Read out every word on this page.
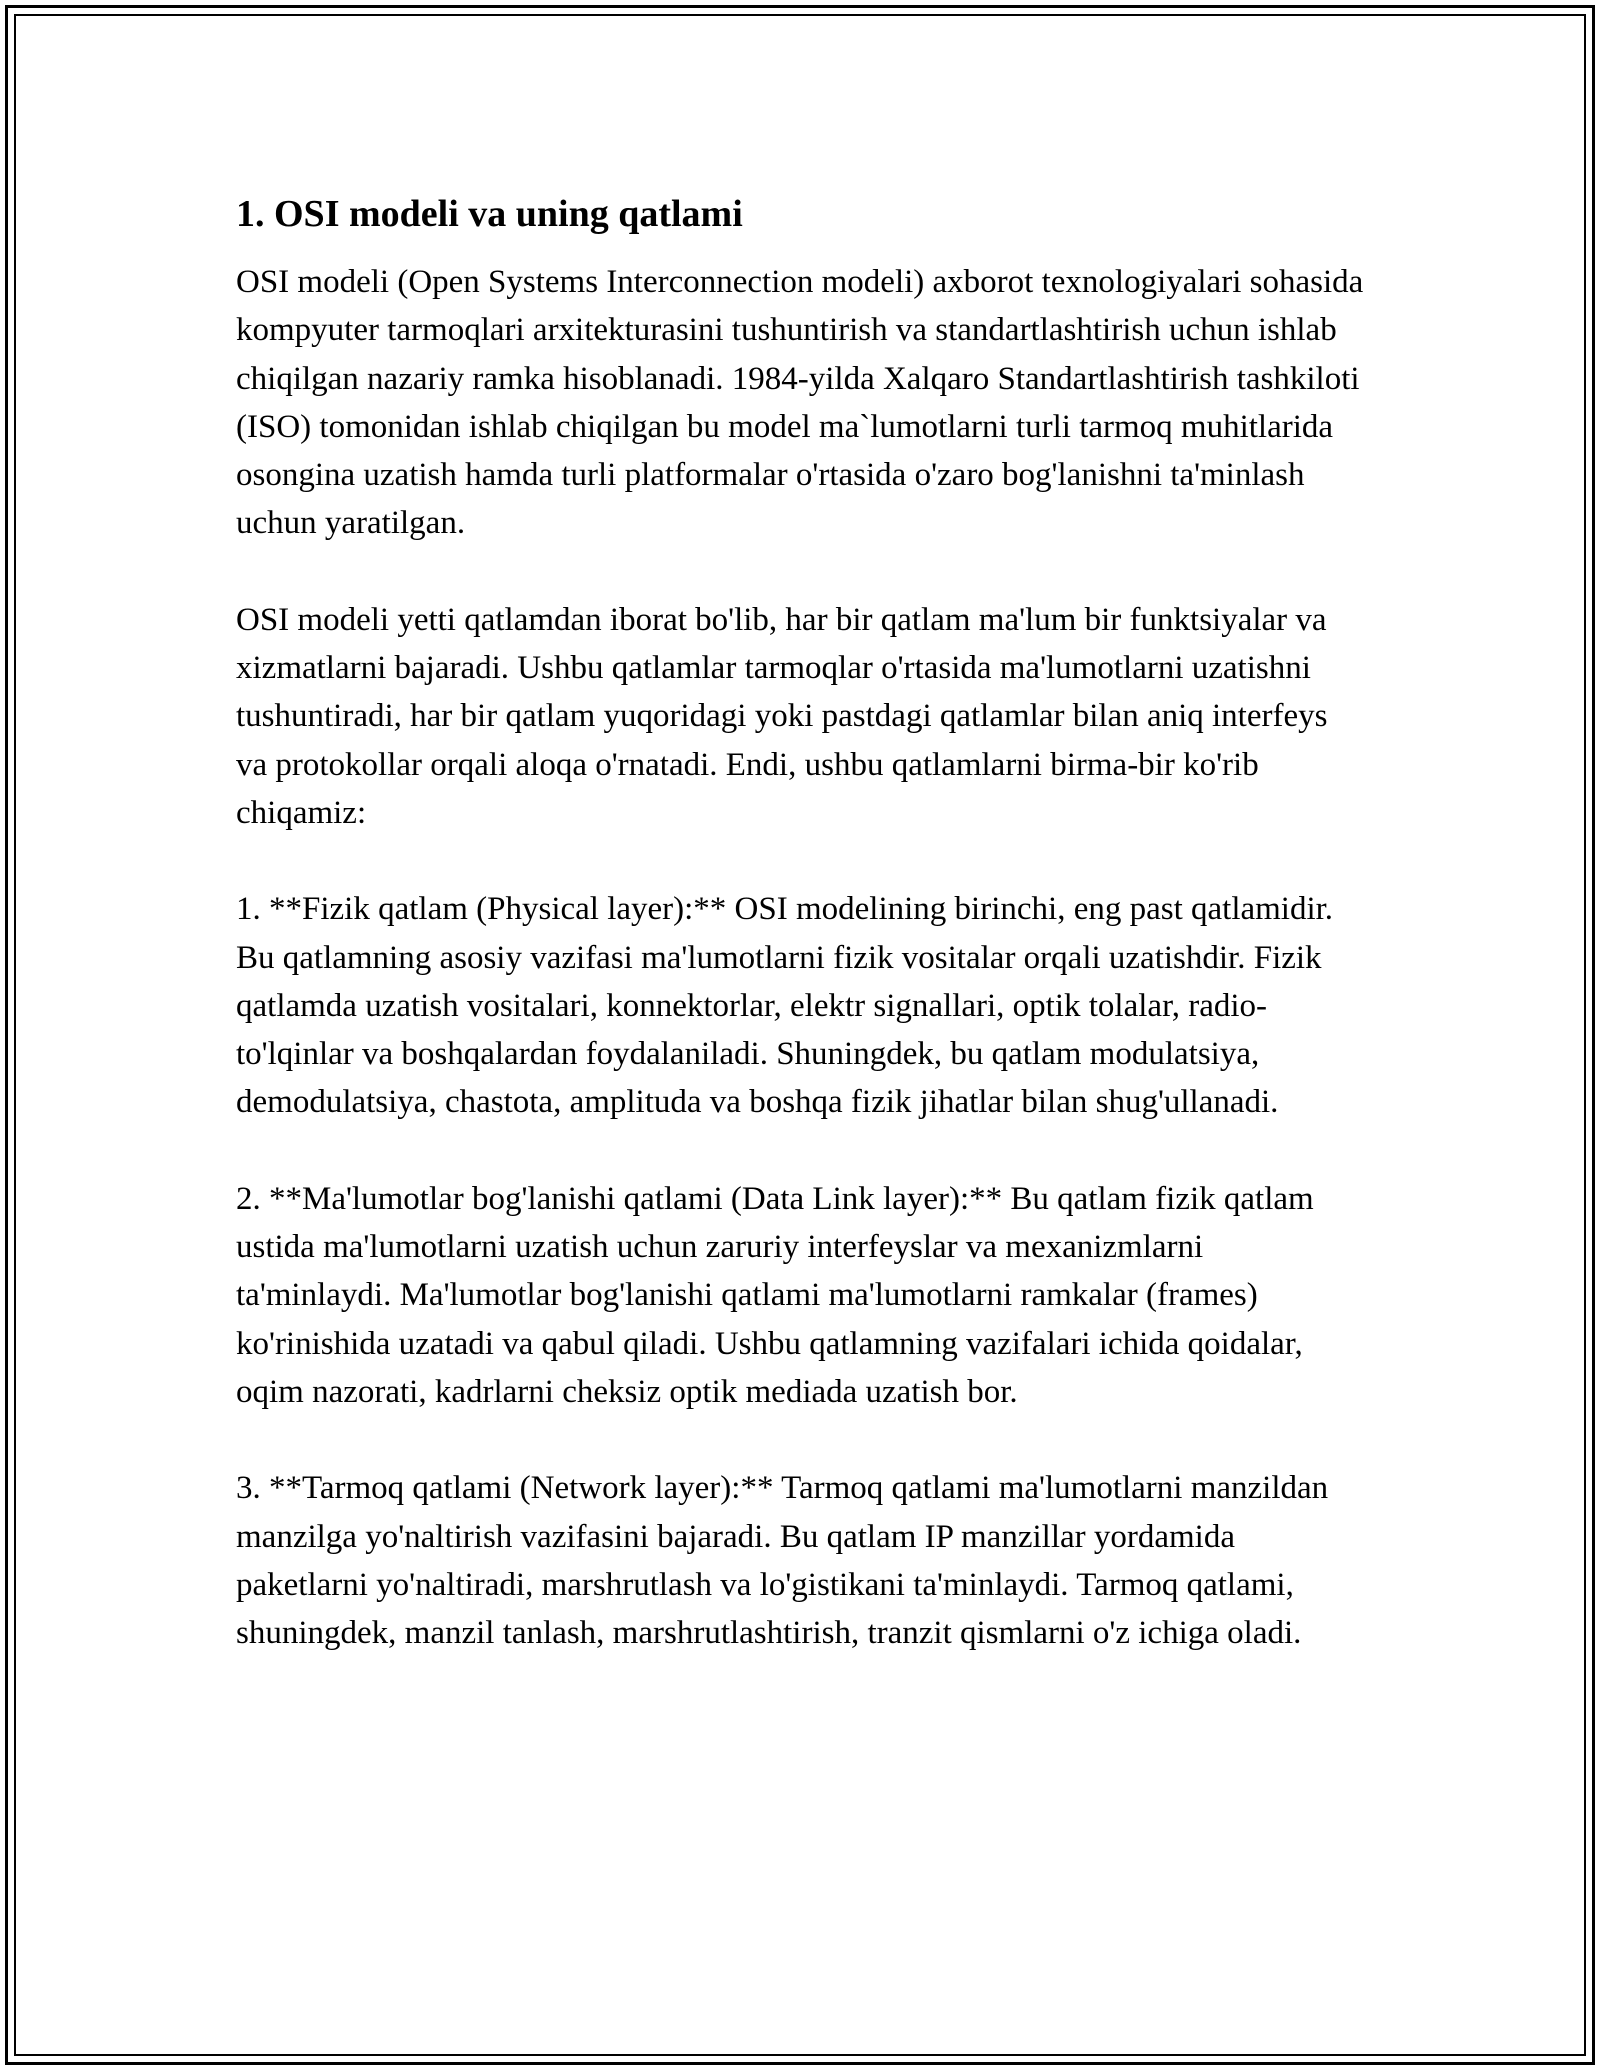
1. OSI modeli va uning qatlami

OSI modeli (Open Systems Interconnection modeli) axborot texnologiyalari sohasida kompyuter tarmoqlari arxitekturasini tushuntirish va standartlashtirish uchun ishlab chiqilgan nazariy ramka hisoblanadi. 1984-yilda Xalqaro Standartlashtirish tashkiloti (ISO) tomonidan ishlab chiqilgan bu model ma`lumotlarni turli tarmoq muhitlarida osongina uzatish hamda turli platformalar o'rtasida o'zaro bog'lanishni ta'minlash uchun yaratilgan.

OSI modeli yetti qatlamdan iborat bo'lib, har bir qatlam ma'lum bir funktsiyalar va xizmatlarni bajaradi. Ushbu qatlamlar tarmoqlar o'rtasida ma'lumotlarni uzatishni tushuntiradi, har bir qatlam yuqoridagi yoki pastdagi qatlamlar bilan aniq interfeys va protokollar orqali aloqa o'rnatadi. Endi, ushbu qatlamlarni birma-bir ko'rib chiqamiz:

1. **Fizik qatlam (Physical layer):** OSI modelining birinchi, eng past qatlamidir. Bu qatlamning asosiy vazifasi ma'lumotlarni fizik vositalar orqali uzatishdir. Fizik qatlamda uzatish vositalari, konnektorlar, elektr signallari, optik tolalar, radio-to'lqinlar va boshqalardan foydalaniladi. Shuningdek, bu qatlam modulatsiya, demodulatsiya, chastota, amplituda va boshqa fizik jihatlar bilan shug'ullanadi.

2. **Ma'lumotlar bog'lanishi qatlami (Data Link layer):** Bu qatlam fizik qatlam ustida ma'lumotlarni uzatish uchun zaruriy interfeyslar va mexanizmlarni ta'minlaydi. Ma'lumotlar bog'lanishi qatlami ma'lumotlarni ramkalar (frames) ko'rinishida uzatadi va qabul qiladi. Ushbu qatlamning vazifalari ichida qoidalar, oqim nazorati, kadrlarni cheksiz optik mediada uzatish bor.

3. **Tarmoq qatlami (Network layer):** Tarmoq qatlami ma'lumotlarni manzildan manzilga yo'naltirish vazifasini bajaradi. Bu qatlam IP manzillar yordamida paketlarni yo'naltiradi, marshrutlash va lo'gistikani ta'minlaydi. Tarmoq qatlami, shuningdek, manzil tanlash, marshrutlashtirish, tranzit qismlarni o'z ichiga oladi.
